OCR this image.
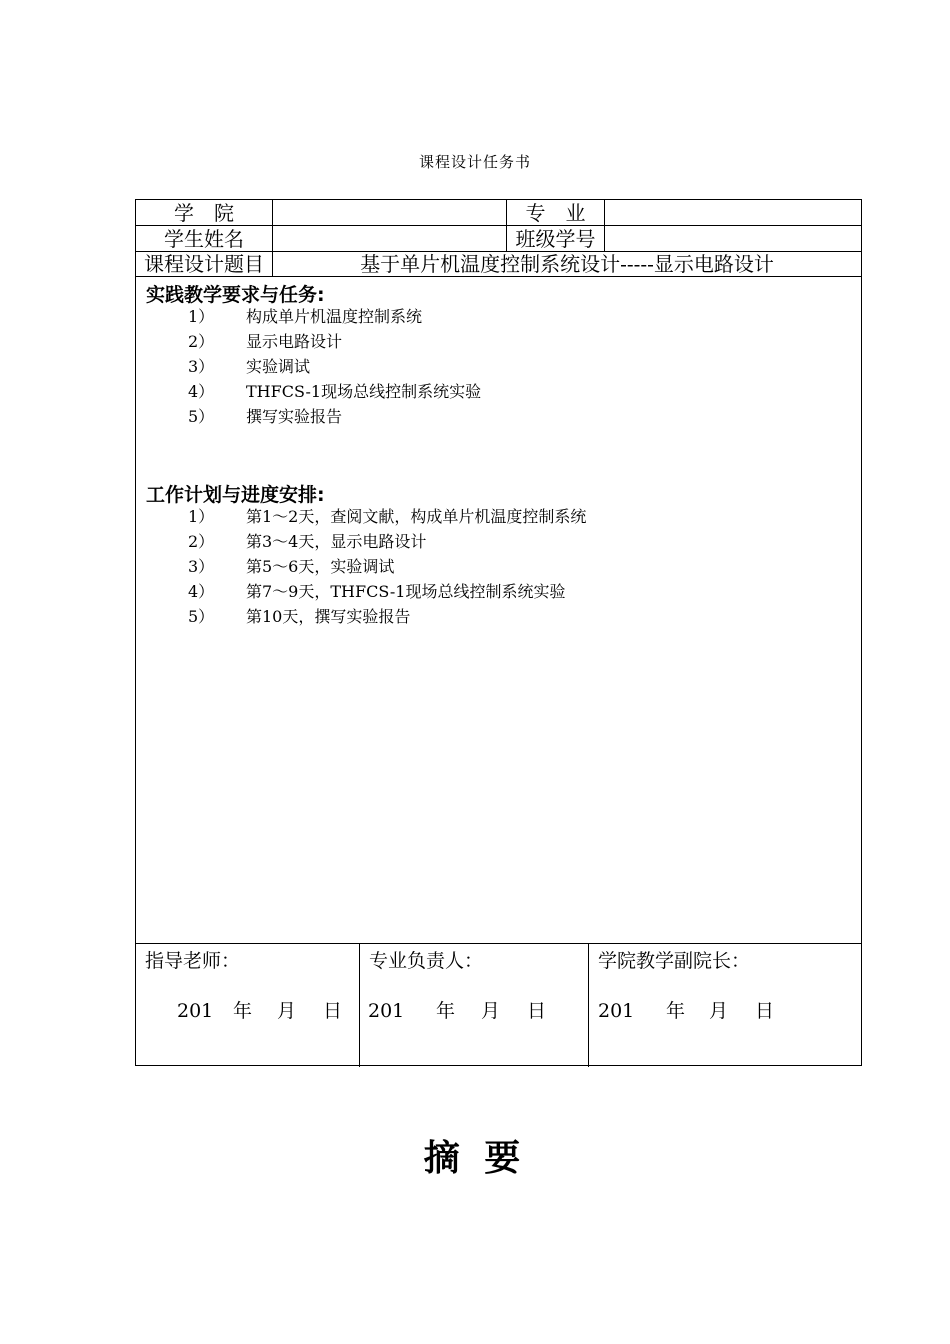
课程设计任务书
学　院	专　业
学生姓名	班级学号
课程设计题目	基于单片机温度控制系统设计-----显示电路设计
实践教学要求与任务:
1） 构成单片机温度控制系统
2） 显示电路设计
3） 实验调试
4） THFCS-1现场总线控制系统实验
5） 撰写实验报告
工作计划与进度安排:
1） 第1～2天，查阅文献，构成单片机温度控制系统
2） 第3～4天，显示电路设计
3） 第5～6天，实验调试
4） 第7～9天，THFCS-1现场总线控制系统实验
5） 第10天，撰写实验报告
指导老师：	专业负责人：	学院教学副院长：
201 年 月 日 201 年 月 日	201 年 月 日
摘 要
